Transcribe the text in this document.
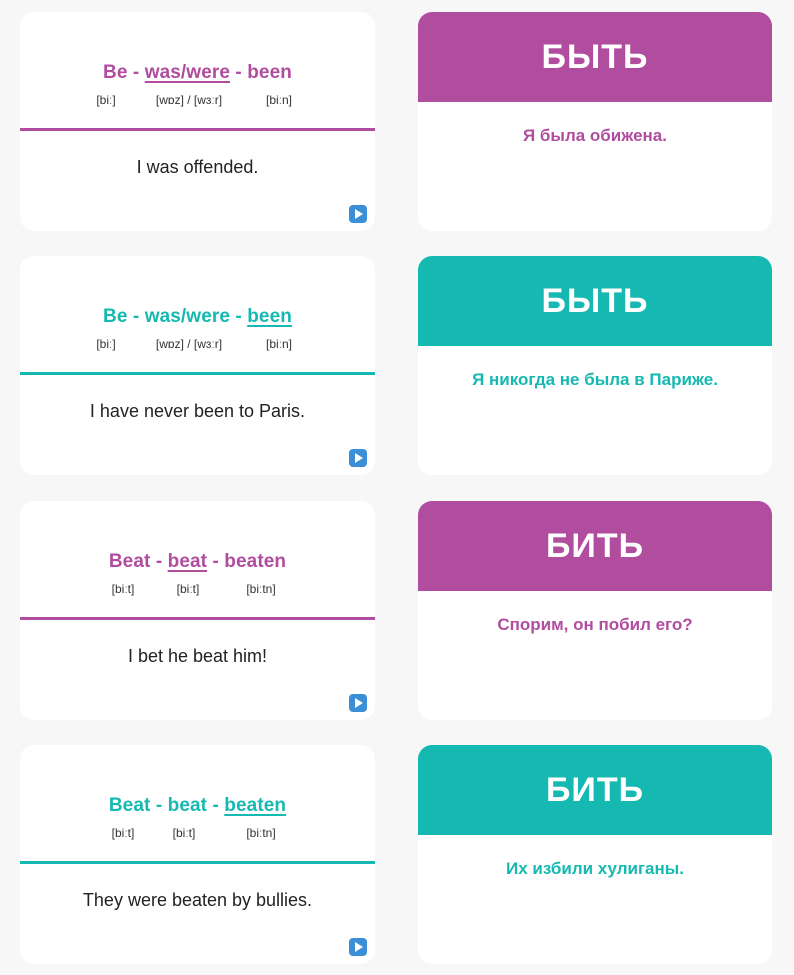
Be - was/were - been
[biː]	[wɒz] / [wɜːr]	[biːn]
I was offended.
БЫТЬ
Я была обижена.
Be - was/were - been
[biː]	[wɒz] / [wɜːr]	[biːn]
I have never been to Paris.
БЫТЬ
Я никогда не была в Париже.
Beat - beat - beaten
[biːt]	[biːt]	[biːtn]
I bet he beat him!
БИТЬ
Спорим, он побил его?
Beat - beat - beaten
[biːt]	[biːt]	[biːtn]
They were beaten by bullies.
БИТЬ
Их избили хулиганы.
